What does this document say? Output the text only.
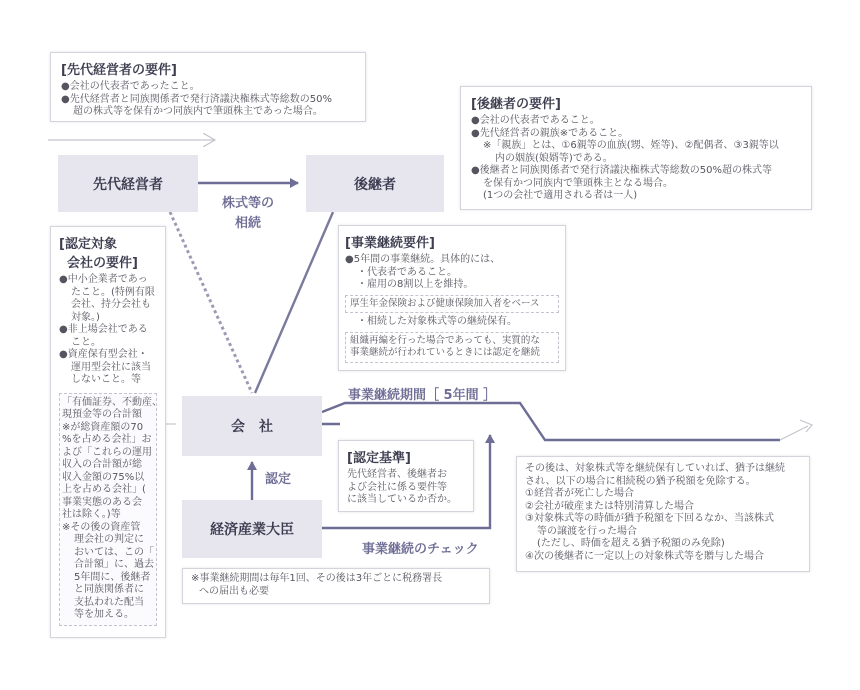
[先代経営者の要件]
●会社の代表者であったこと。
●先代経営者と同族関係者で発行済議決権株式等総数の50%
超の株式等を保有かつ同族内で筆頭株主であった場合。	[後継者の要件]
●会社の代表者であること。
●先代経営者の親族※であること。
※「親族」とは、①6親等の血族(甥、姪等)、②配偶者、③3親等以
内の姻族(娘婿等)である。
●後継者と同族関係者で発行済議決権株式等総数の50%超の株式等
を保有かつ同族内で筆頭株主となる場合。
(1つの会社で適用される者は一人)
先代経営者	後継者
会　社
経済産業大臣
株式等の
相続
事業継続期間［ 5年間 ］
認定
事業継続のチェック
[事業継続要件]
●5年間の事業継続。具体的には、
・代表者であること。
・雇用の8割以上を維持。
厚生年金保険および健康保険加入者をベース
・相続した対象株式等の継続保有。
組織再編を行った場合であっても、実質的な
事業継続が行われているときには認定を継続
[認定対象
会社の要件]
●中小企業者であっ
たこと。(特例有限
会社、持分会社も
対象。)
●非上場会社である
こと。
●資産保有型会社・
運用型会社に該当
しないこと。等
「有価証券、不動産、
現預金等の合計額
※が総資産額の70
%を占める会社」お
よび「これらの運用
収入の合計額が総
収入金額の75%以
上を占める会社」(
事業実態のある会
社は除く。)等
※その後の資産管
理会社の判定に
おいては、この「
合計額」に、過去
5年間に、後継者
と同族関係者に
支払われた配当
等を加える。
[認定基準]
先代経営者、後継者お
よび会社に係る要件等
に該当しているか否か。
その後は、対象株式等を継続保有していれば、猶予は継続
され、以下の場合に相続税の猶予税額を免除する。
①経営者が死亡した場合
②会社が破産または特別清算した場合
③対象株式等の時価が猶予税額を下回るなか、当該株式
等の譲渡を行った場合
(ただし、時価を超える猶予税額のみ免除)
④次の後継者に一定以上の対象株式等を贈与した場合
※事業継続期間は毎年1回、その後は3年ごとに税務署長
への届出も必要
